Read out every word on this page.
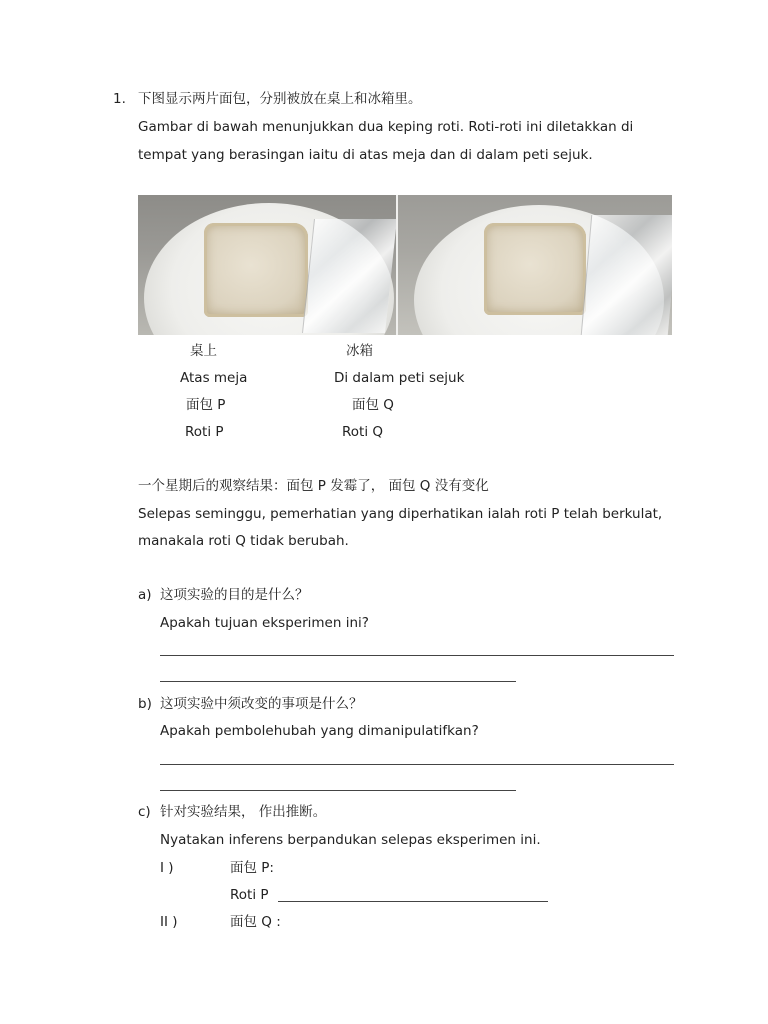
1. 下图显示两片面包，分别被放在桌上和冰箱里。
Gambar di bawah menunjukkan dua keping roti. Roti-roti ini diletakkan di
tempat yang berasingan iaitu di atas meja dan di dalam peti sejuk.
桌上	冰箱
Atas meja	Di dalam peti sejuk
面包 P	面包 Q
Roti P	Roti Q
一个星期后的观察结果：面包 P 发霉了， 面包 Q 没有变化
Selepas seminggu, pemerhatian yang diperhatikan ialah roti P telah berkulat,
manakala roti Q tidak berubah.
a) 这项实验的目的是什么？
Apakah tujuan eksperimen ini?
b) 这项实验中须改变的事项是什么？
Apakah pembolehubah yang dimanipulatifkan?
c) 针对实验结果， 作出推断。
Nyatakan inferens berpandukan selepas eksperimen ini.
I )	面包 P:
Roti P
II )	面包 Q :
